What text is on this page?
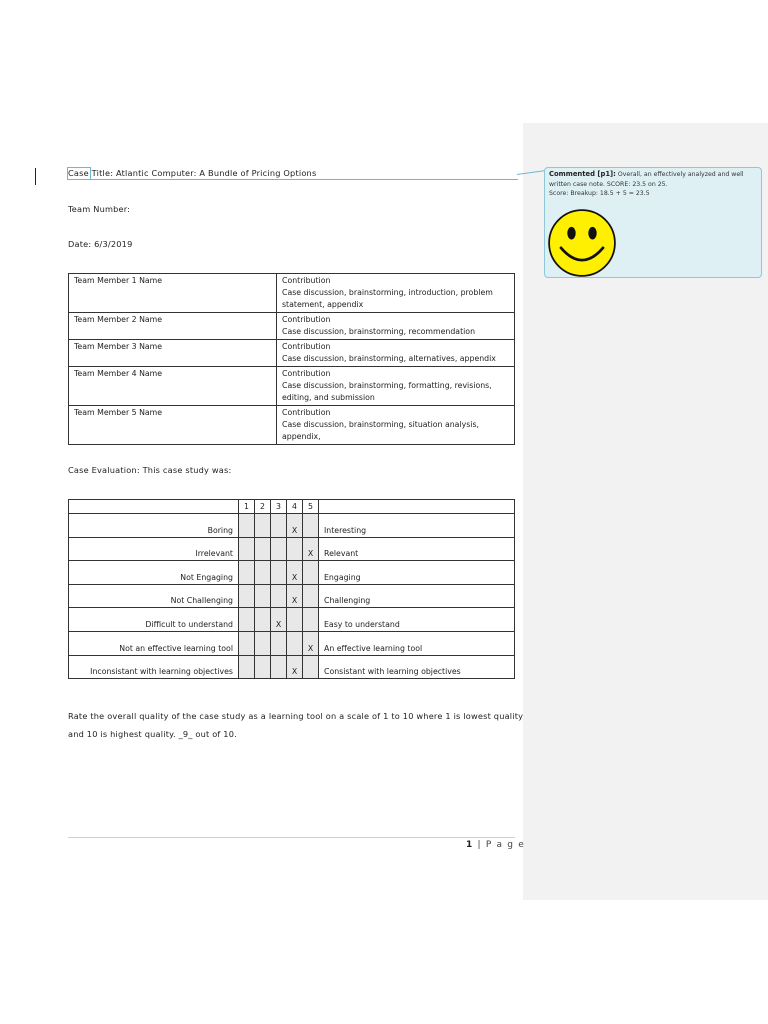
Case Title: Atlantic Computer: A Bundle of Pricing Options
Team Number:
Date: 6/3/2019
Team Member 1 Name	Contribution
Case discussion, brainstorming, introduction, problem statement, appendix

Team Member 2 Name	Contribution
Case discussion, brainstorming, recommendation

Team Member 3 Name	Contribution
Case discussion, brainstorming, alternatives, appendix

Team Member 4 Name	Contribution
Case discussion, brainstorming, formatting, revisions, editing, and submission

Team Member 5 Name	Contribution
Case discussion, brainstorming, situation analysis, appendix,
Case Evaluation: This case study was:
	1	2	3	4	5	
Boring				X		Interesting
Irrelevant					X	Relevant
Not Engaging				X		Engaging
Not Challenging				X		Challenging
Difficult to understand			X			Easy to understand
Not an effective learning tool					X	An effective learning tool
Inconsistant with learning objectives				X		Consistant with learning objectives
Rate the overall quality of the case study as a learning tool on a scale of 1 to 10 where 1 is lowest quality
and 10 is highest quality. _9_ out of 10.
1 | P a g e
Commented [p1]: Overall, an effectively analyzed and well written case note. SCORE: 23.5 on 25.
Score: Breakup: 18.5 + 5 = 23.5
